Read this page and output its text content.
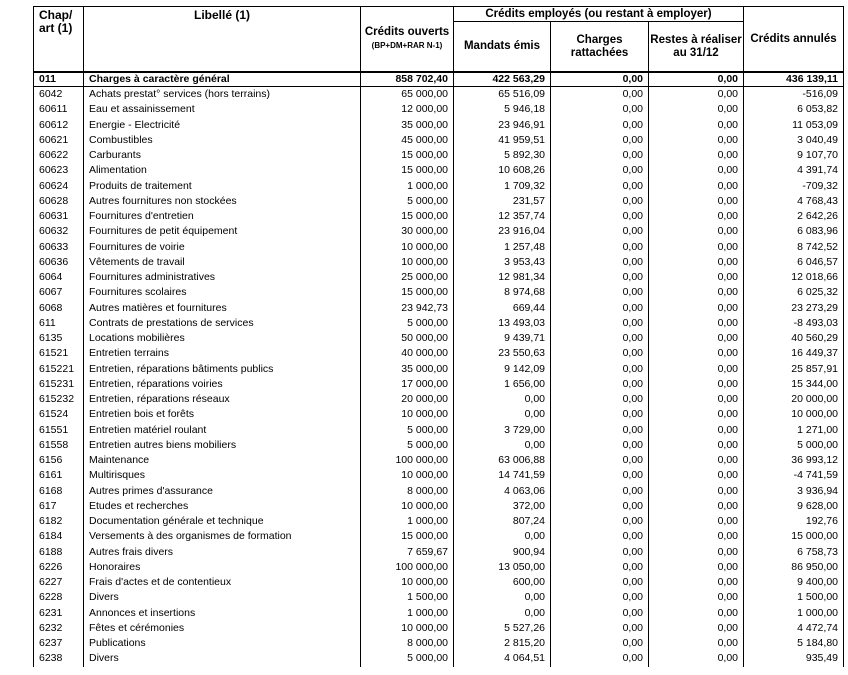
Chap/ art (1)	Libellé (1)	Crédits ouverts
(BP+DM+RAR N-1)	Crédits employés (ou restant à employer)			Crédits annulés
			Mandats émis	Charges rattachées	Restes à réaliser au 31/12	
011	Charges à caractère général	858 702,40	422 563,29	0,00	0,00	436 139,11
6042	Achats prestat° services (hors terrains)	65 000,00	65 516,09	0,00	0,00	-516,09
60611	Eau et assainissement	12 000,00	5 946,18	0,00	0,00	6 053,82
60612	Energie - Electricité	35 000,00	23 946,91	0,00	0,00	11 053,09
60621	Combustibles	45 000,00	41 959,51	0,00	0,00	3 040,49
60622	Carburants	15 000,00	5 892,30	0,00	0,00	9 107,70
60623	Alimentation	15 000,00	10 608,26	0,00	0,00	4 391,74
60624	Produits de traitement	1 000,00	1 709,32	0,00	0,00	-709,32
60628	Autres fournitures non stockées	5 000,00	231,57	0,00	0,00	4 768,43
60631	Fournitures d'entretien	15 000,00	12 357,74	0,00	0,00	2 642,26
60632	Fournitures de petit équipement	30 000,00	23 916,04	0,00	0,00	6 083,96
60633	Fournitures de voirie	10 000,00	1 257,48	0,00	0,00	8 742,52
60636	Vêtements de travail	10 000,00	3 953,43	0,00	0,00	6 046,57
6064	Fournitures administratives	25 000,00	12 981,34	0,00	0,00	12 018,66
6067	Fournitures scolaires	15 000,00	8 974,68	0,00	0,00	6 025,32
6068	Autres matières et fournitures	23 942,73	669,44	0,00	0,00	23 273,29
611	Contrats de prestations de services	5 000,00	13 493,03	0,00	0,00	-8 493,03
6135	Locations mobilières	50 000,00	9 439,71	0,00	0,00	40 560,29
61521	Entretien terrains	40 000,00	23 550,63	0,00	0,00	16 449,37
615221	Entretien, réparations bâtiments publics	35 000,00	9 142,09	0,00	0,00	25 857,91
615231	Entretien, réparations voiries	17 000,00	1 656,00	0,00	0,00	15 344,00
615232	Entretien, réparations réseaux	20 000,00	0,00	0,00	0,00	20 000,00
61524	Entretien bois et forêts	10 000,00	0,00	0,00	0,00	10 000,00
61551	Entretien matériel roulant	5 000,00	3 729,00	0,00	0,00	1 271,00
61558	Entretien autres biens mobiliers	5 000,00	0,00	0,00	0,00	5 000,00
6156	Maintenance	100 000,00	63 006,88	0,00	0,00	36 993,12
6161	Multirisques	10 000,00	14 741,59	0,00	0,00	-4 741,59
6168	Autres primes d'assurance	8 000,00	4 063,06	0,00	0,00	3 936,94
617	Etudes et recherches	10 000,00	372,00	0,00	0,00	9 628,00
6182	Documentation générale et technique	1 000,00	807,24	0,00	0,00	192,76
6184	Versements à des organismes de formation	15 000,00	0,00	0,00	0,00	15 000,00
6188	Autres frais divers	7 659,67	900,94	0,00	0,00	6 758,73
6226	Honoraires	100 000,00	13 050,00	0,00	0,00	86 950,00
6227	Frais d'actes et de contentieux	10 000,00	600,00	0,00	0,00	9 400,00
6228	Divers	1 500,00	0,00	0,00	0,00	1 500,00
6231	Annonces et insertions	1 000,00	0,00	0,00	0,00	1 000,00
6232	Fêtes et cérémonies	10 000,00	5 527,26	0,00	0,00	4 472,74
6237	Publications	8 000,00	2 815,20	0,00	0,00	5 184,80
6238	Divers	5 000,00	4 064,51	0,00	0,00	935,49
